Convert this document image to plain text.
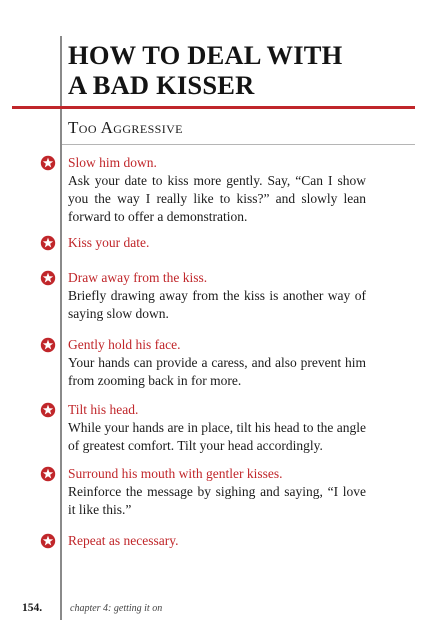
HOW TO DEAL WITH
A BAD KISSER
Too Aggressive
Slow him down.
Ask your date to kiss more gently. Say, “Can I show you the way I really like to kiss?” and slowly lean forward to offer a demonstration.
Kiss your date.
Draw away from the kiss.
Briefly drawing away from the kiss is another way of saying slow down.
Gently hold his face.
Your hands can provide a caress, and also prevent him from zooming back in for more.
Tilt his head.
While your hands are in place, tilt his head to the angle of greatest comfort. Tilt your head accordingly.
Surround his mouth with gentler kisses.
Reinforce the message by sighing and saying, “I love it like this.”
Repeat as necessary.
154.	chapter 4: getting it on
